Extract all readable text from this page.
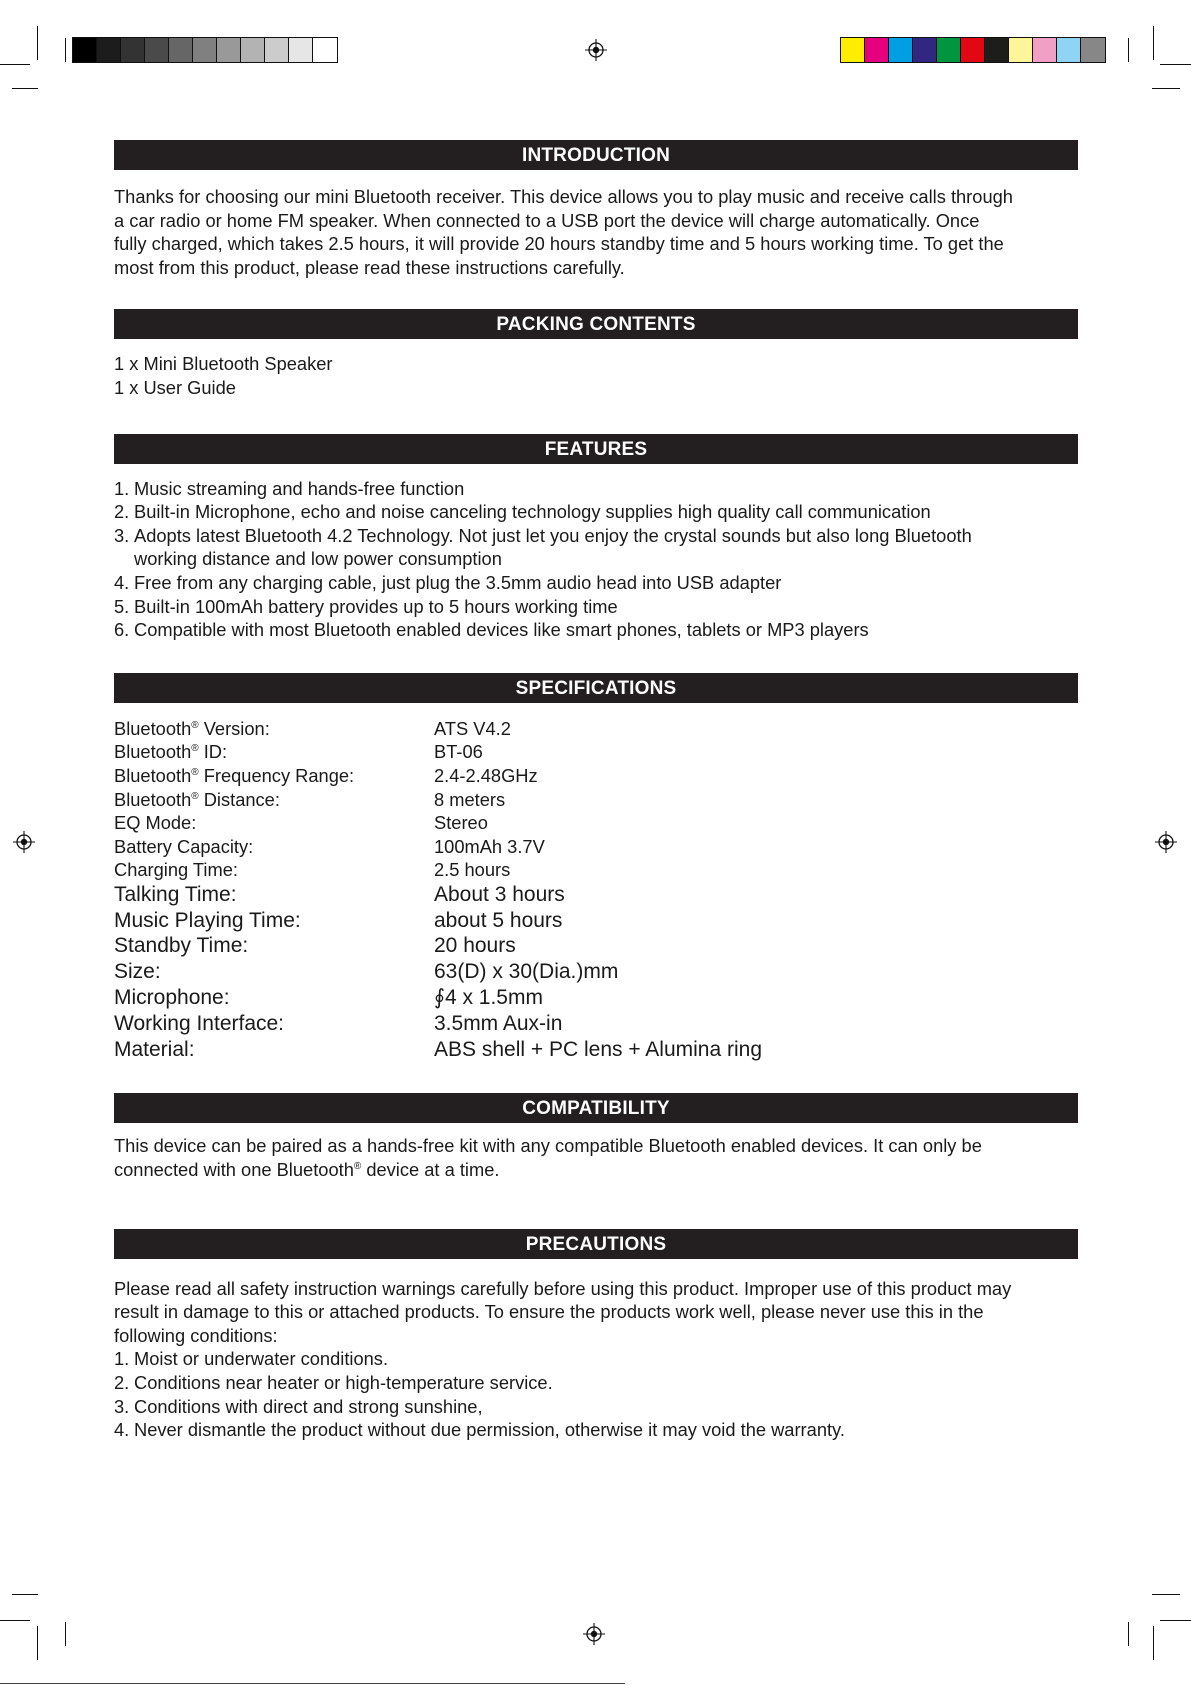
INTRODUCTION

Thanks for choosing our mini Bluetooth receiver. This device allows you to play music and receive calls through
a car radio or home FM speaker. When connected to a USB port the device will charge automatically. Once
fully charged, which takes 2.5 hours, it will provide 20 hours standby time and 5 hours working time. To get the
most from this product, please read these instructions carefully.

PACKING CONTENTS
1 x Mini Bluetooth Speaker
1 x User Guide
FEATURES
1. Music streaming and hands-free function
2. Built-in Microphone, echo and noise canceling technology supplies high quality call communication
3. Adopts latest Bluetooth 4.2 Technology. Not just let you enjoy the crystal sounds but also long Bluetooth
working distance and low power consumption
4. Free from any charging cable, just plug the 3.5mm audio head into USB adapter
5. Built-in 100mAh battery provides up to 5 hours working time
6. Compatible with most Bluetooth enabled devices like smart phones, tablets or MP3 players
SPECIFICATIONS
Bluetooth® Version:	ATS V4.2
Bluetooth® ID:	BT-06
Bluetooth® Frequency Range:	2.4-2.48GHz
Bluetooth® Distance:	8 meters
EQ Mode:	Stereo
Battery Capacity:	100mAh 3.7V
Charging Time:	2.5 hours
Talking Time:	About 3 hours
Music Playing Time:	about 5 hours
Standby Time:	20 hours
Size:	63(D) x 30(Dia.)mm
Microphone:	∮4 x 1.5mm
Working Interface:	3.5mm Aux-in
Material:	ABS shell + PC lens + Alumina ring
COMPATIBILITY

This device can be paired as a hands-free kit with any compatible Bluetooth enabled devices. It can only be
connected with one Bluetooth® device at a time.

PRECAUTIONS

Please read all safety instruction warnings carefully before using this product. Improper use of this product may
result in damage to this or attached products. To ensure the products work well, please never use this in the
following conditions:

1. Moist or underwater conditions.
2. Conditions near heater or high-temperature service.
3. Conditions with direct and strong sunshine,
4. Never dismantle the product without due permission, otherwise it may void the warranty.
